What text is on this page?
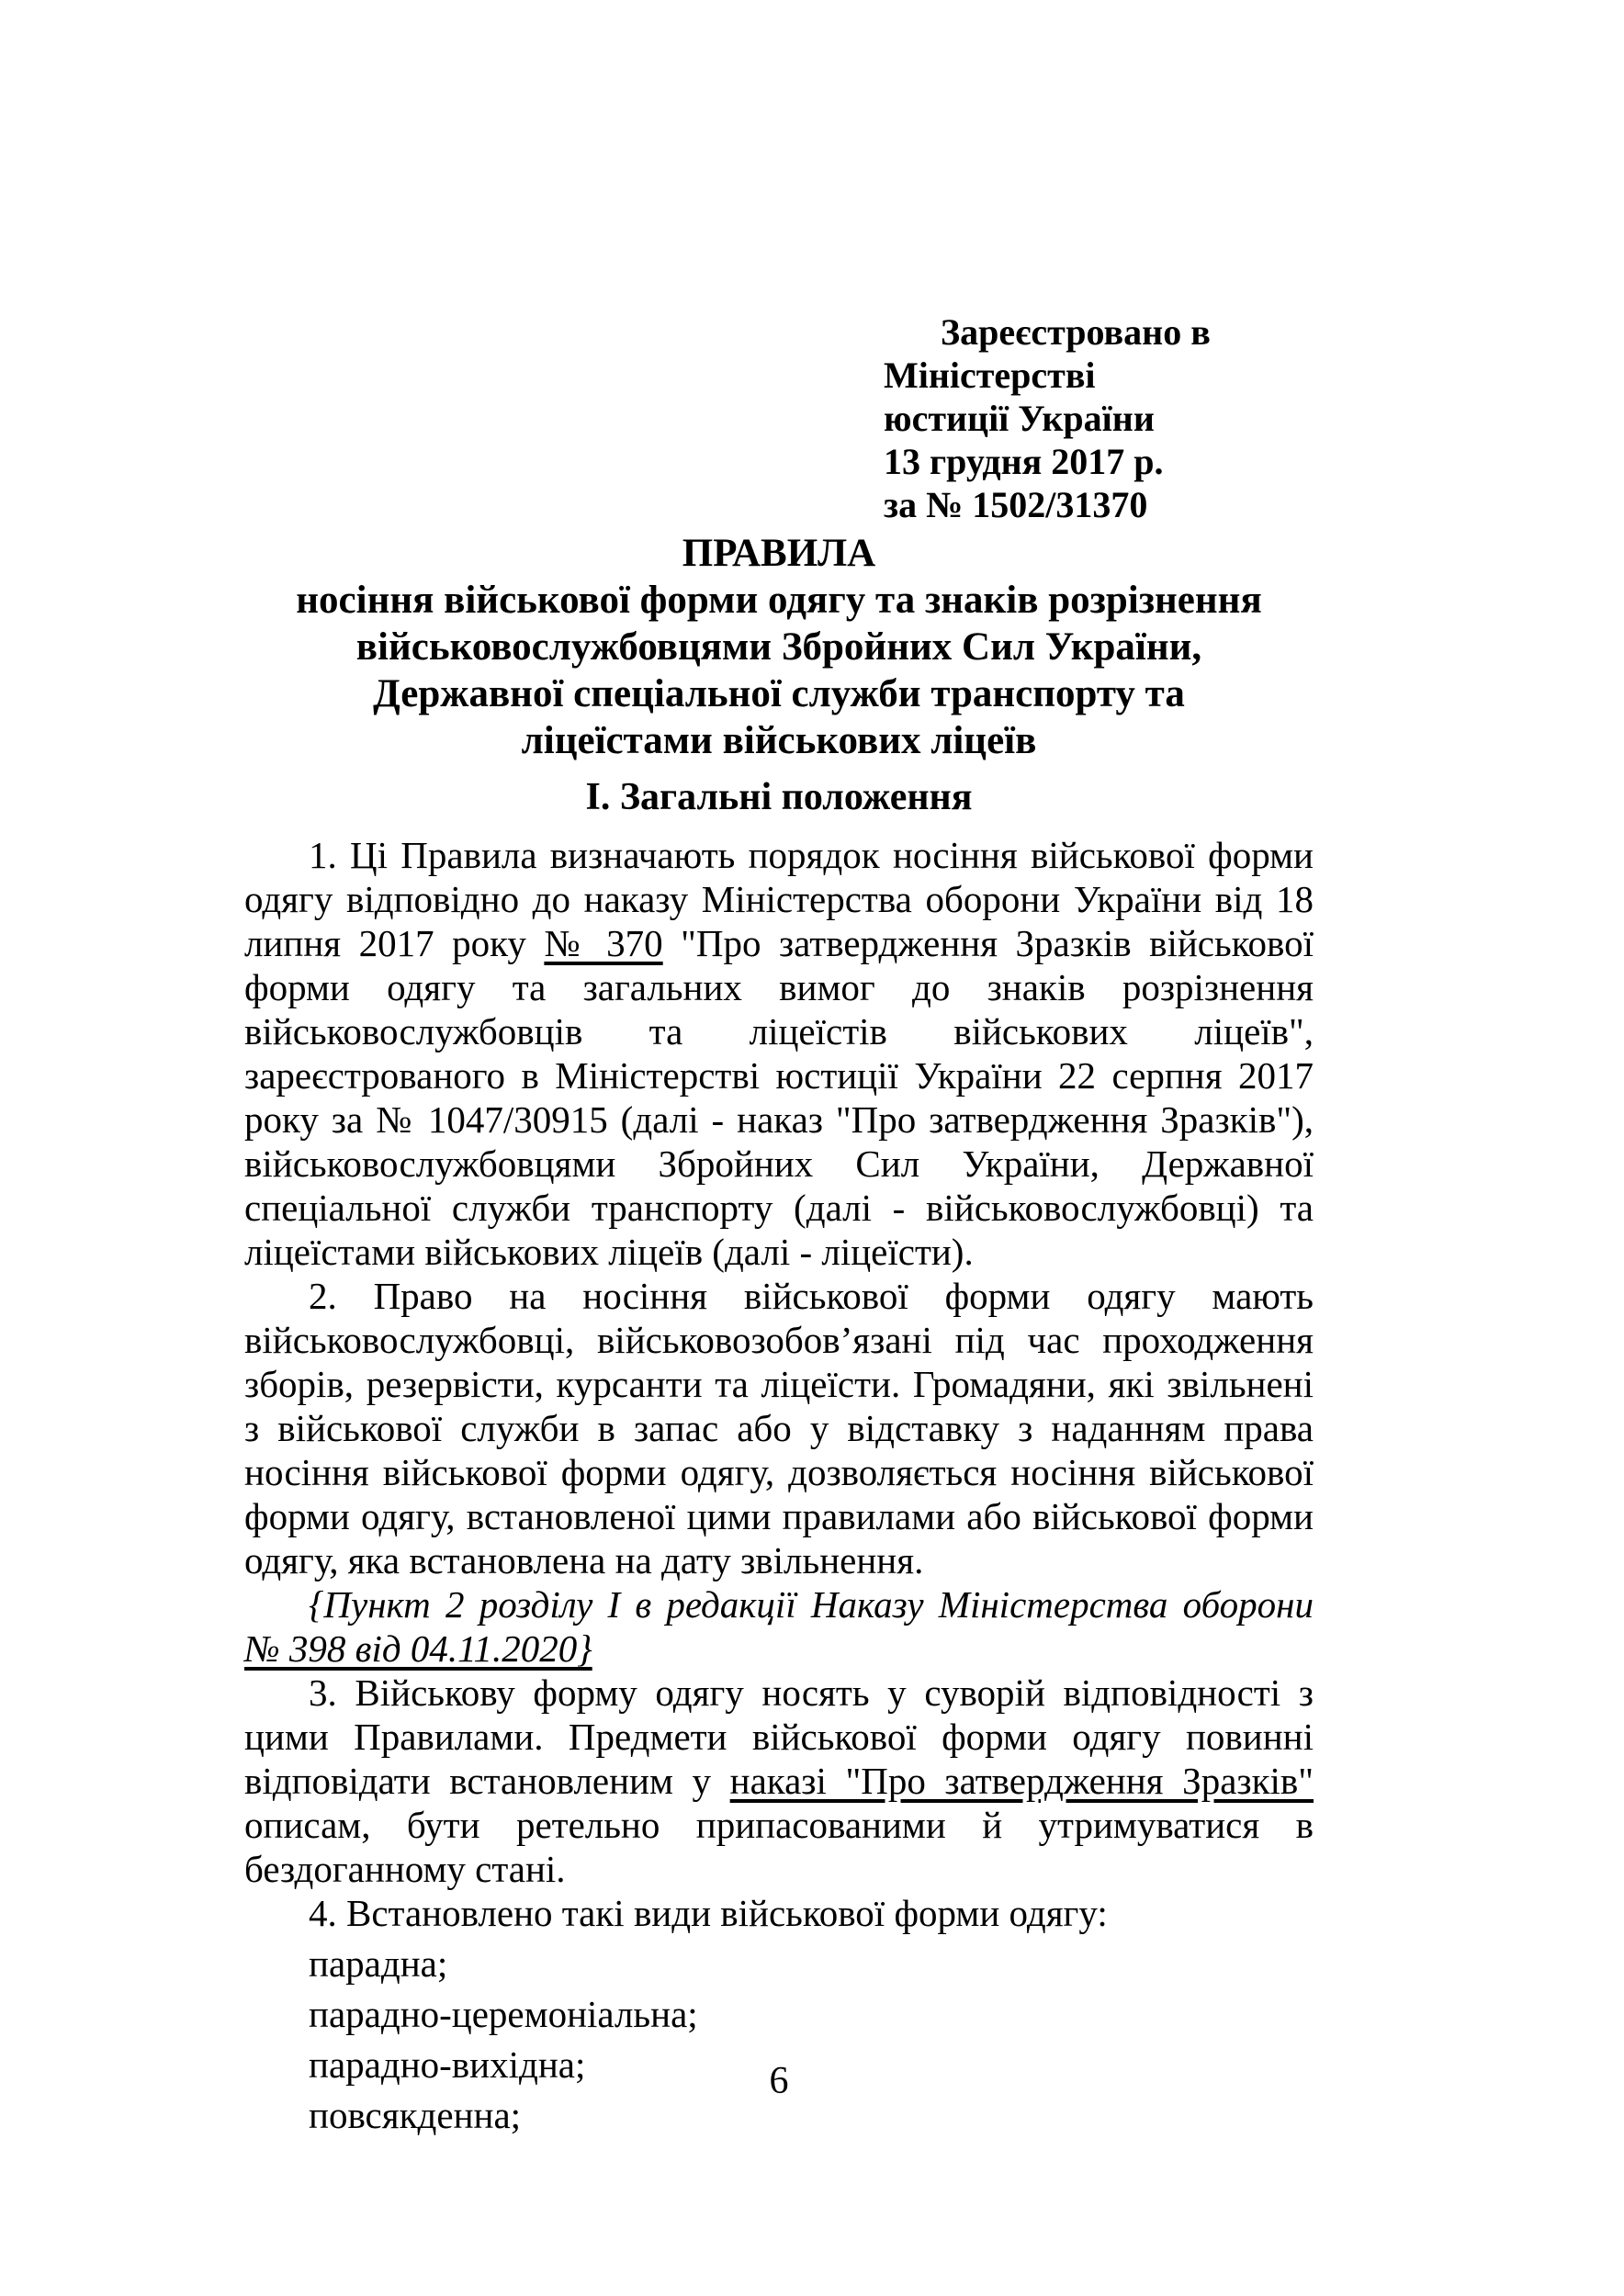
Зареєстровано в

Міністерстві

юстиції України

13 грудня 2017 р.

за № 1502/31370

ПРАВИЛА
носіння військової форми одягу та знаків розрізнення
військовослужбовцями Збройних Сил України,
Державної спеціальної служби транспорту та
ліцеїстами військових ліцеїв
І. Загальні положення

1. Ці Правила визначають порядок носіння військової форми одягу відповідно до наказу Міністерства оборони України від 18 липня 2017 року № 370 "Про затвердження Зразків військової форми одягу та загальних вимог до знаків розрізнення військовослужбовців та ліцеїстів військових ліцеїв", зареєстрованого в Міністерстві юстиції України 22 серпня 2017 року за № 1047/30915 (далі - наказ "Про затвердження Зразків"), військовослужбовцями Збройних Сил України, Державної спеціальної служби транспорту (далі - військовослужбовці) та ліцеїстами військових ліцеїв (далі - ліцеїсти).

2. Право на носіння військової форми одягу мають військовослужбовці, військовозобов’язані під час проходження зборів, резервісти, курсанти та ліцеїсти. Громадяни, які звільнені з військової служби в запас або у відставку з наданням права носіння військової форми одягу, дозволяється носіння військової форми одягу, встановленої цими правилами або військової форми одягу, яка встановлена на дату звільнення.

{Пункт 2 розділу І в редакції Наказу Міністерства оборони № 398 від 04.11.2020}

3. Військову форму одягу носять у суворій відповідності з цими Правилами. Предмети військової форми одягу повинні відповідати встановленим у наказі "Про затвердження Зразків" описам, бути ретельно припасованими й утримуватися в бездоганному стані.

4. Встановлено такі види військової форми одягу:

парадна;

парадно-церемоніальна;

парадно-вихідна;

повсякденна;

6
